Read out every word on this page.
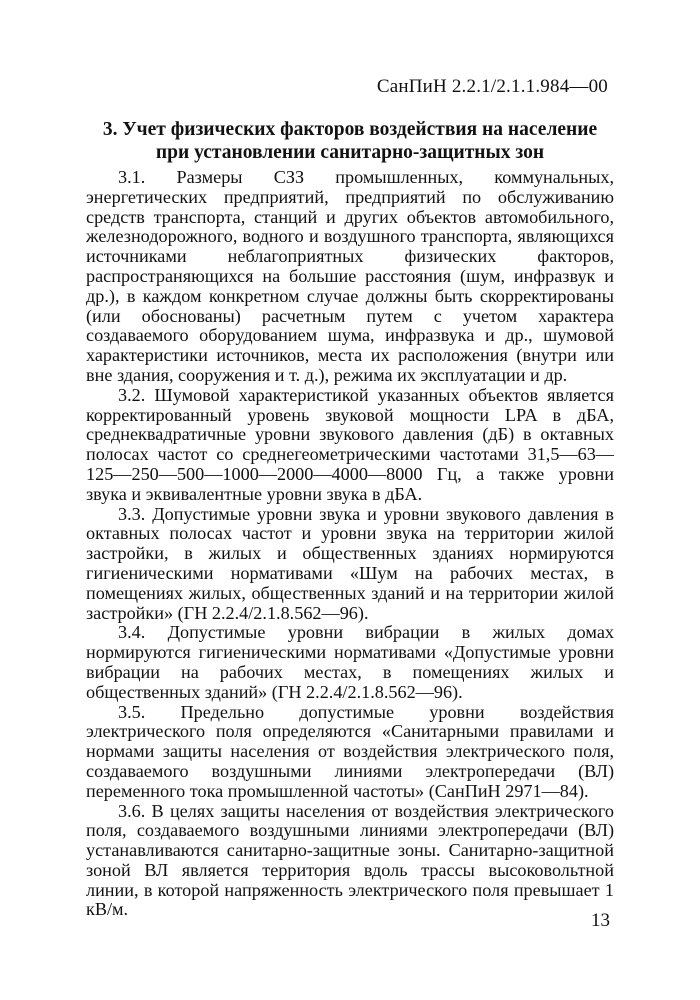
СанПиН 2.2.1/2.1.1.984—00
3. Учет физических факторов воздействия на население при установлении санитарно-защитных зон

3.1. Размеры СЗЗ промышленных, коммунальных, энергетических предприятий, предприятий по обслуживанию средств транспорта, станций и других объектов автомобильного, железнодорожного, водного и воздушного транспорта, являющихся источниками неблагоприятных физических факторов, распространяющихся на большие расстояния (шум, инфразвук и др.), в каждом конкретном случае должны быть скорректированы (или обоснованы) расчетным путем с учетом характера создаваемого оборудованием шума, инфразвука и др., шумовой характеристики источников, места их расположения (внутри или вне здания, сооружения и т. д.), режима их эксплуатации и др.

3.2. Шумовой характеристикой указанных объектов является корректированный уровень звуковой мощности LPA в дБА, среднеквадратичные уровни звукового давления (дБ) в октавных полосах частот со среднегеометрическими частотами 31,5—63—125—250—500—1000—2000—4000—8000 Гц, а также уровни звука и эквивалентные уровни звука в дБА.

3.3. Допустимые уровни звука и уровни звукового давления в октавных полосах частот и уровни звука на территории жилой застройки, в жилых и общественных зданиях нормируются гигиеническими нормативами «Шум на рабочих местах, в помещениях жилых, общественных зданий и на территории жилой застройки» (ГН 2.2.4/2.1.8.562—96).

3.4. Допустимые уровни вибрации в жилых домах нормируются гигиеническими нормативами «Допустимые уровни вибрации на рабочих местах, в помещениях жилых и общественных зданий» (ГН 2.2.4/2.1.8.562—96).

3.5. Предельно допустимые уровни воздействия электрического поля определяются «Санитарными правилами и нормами защиты населения от воздействия электрического поля, создаваемого воздушными линиями электропередачи (ВЛ) переменного тока промышленной частоты» (СанПиН 2971—84).

3.6. В целях защиты населения от воздействия электрического поля, создаваемого воздушными линиями электропередачи (ВЛ) устанавливаются санитарно-защитные зоны. Санитарно-защитной зоной ВЛ является территория вдоль трассы высоковольтной линии, в которой напряженность электрического поля превышает 1 кВ/м.

13
